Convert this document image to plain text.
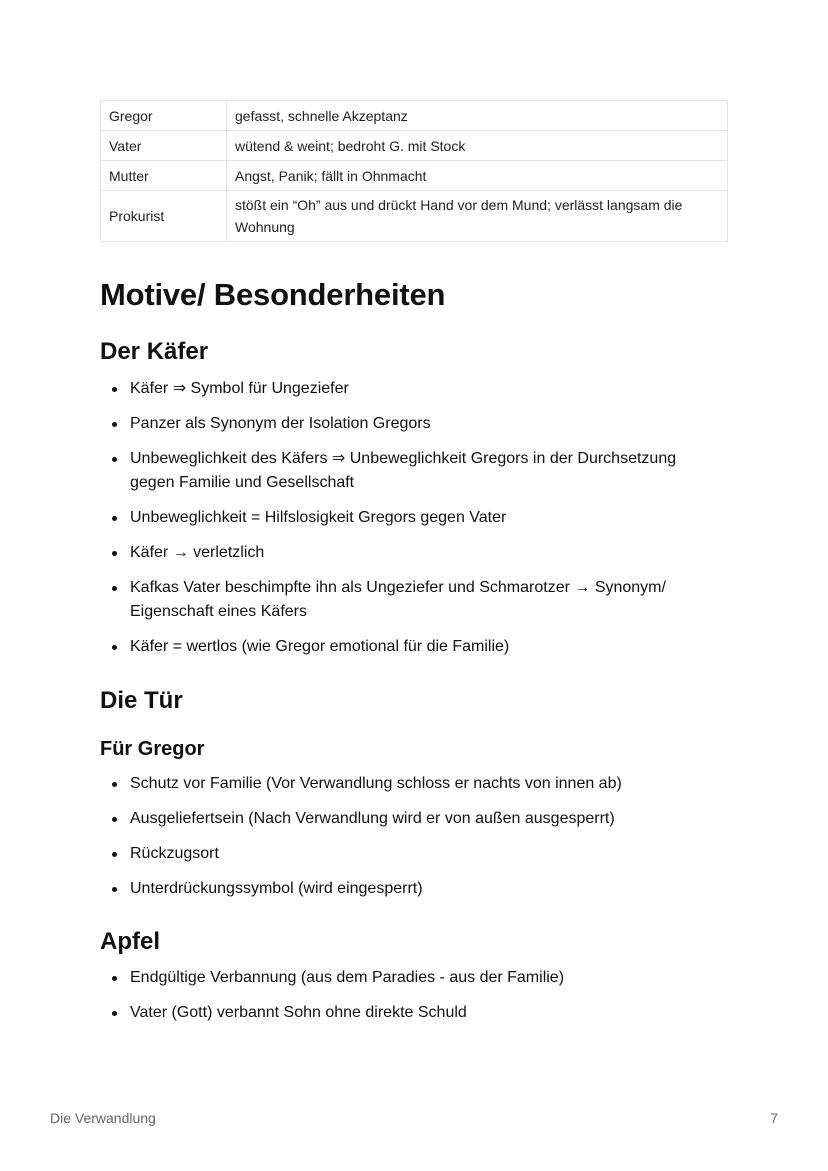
Gregor	gefasst, schnelle Akzeptanz
Vater	wütend & weint; bedroht G. mit Stock
Mutter	Angst, Panik; fällt in Ohnmacht
Prokurist	stößt ein “Oh” aus und drückt Hand vor dem Mund; verlässt langsam die Wohnung
Motive/ Besonderheiten
Der Käfer
Käfer ⇒ Symbol für Ungeziefer
Panzer als Synonym der Isolation Gregors
Unbeweglichkeit des Käfers ⇒ Unbeweglichkeit Gregors in der Durchsetzung gegen Familie und Gesellschaft
Unbeweglichkeit = Hilfslosigkeit Gregors gegen Vater
Käfer → verletzlich
Kafkas Vater beschimpfte ihn als Ungeziefer und Schmarotzer → Synonym/ Eigenschaft eines Käfers
Käfer = wertlos (wie Gregor emotional für die Familie)
Die Tür
Für Gregor
Schutz vor Familie (Vor Verwandlung schloss er nachts von innen ab)
Ausgeliefertsein (Nach Verwandlung wird er von außen ausgesperrt)
Rückzugsort
Unterdrückungssymbol (wird eingesperrt)
Apfel
Endgültige Verbannung (aus dem Paradies - aus der Familie)
Vater (Gott) verbannt Sohn ohne direkte Schuld
Die Verwandlung	7
